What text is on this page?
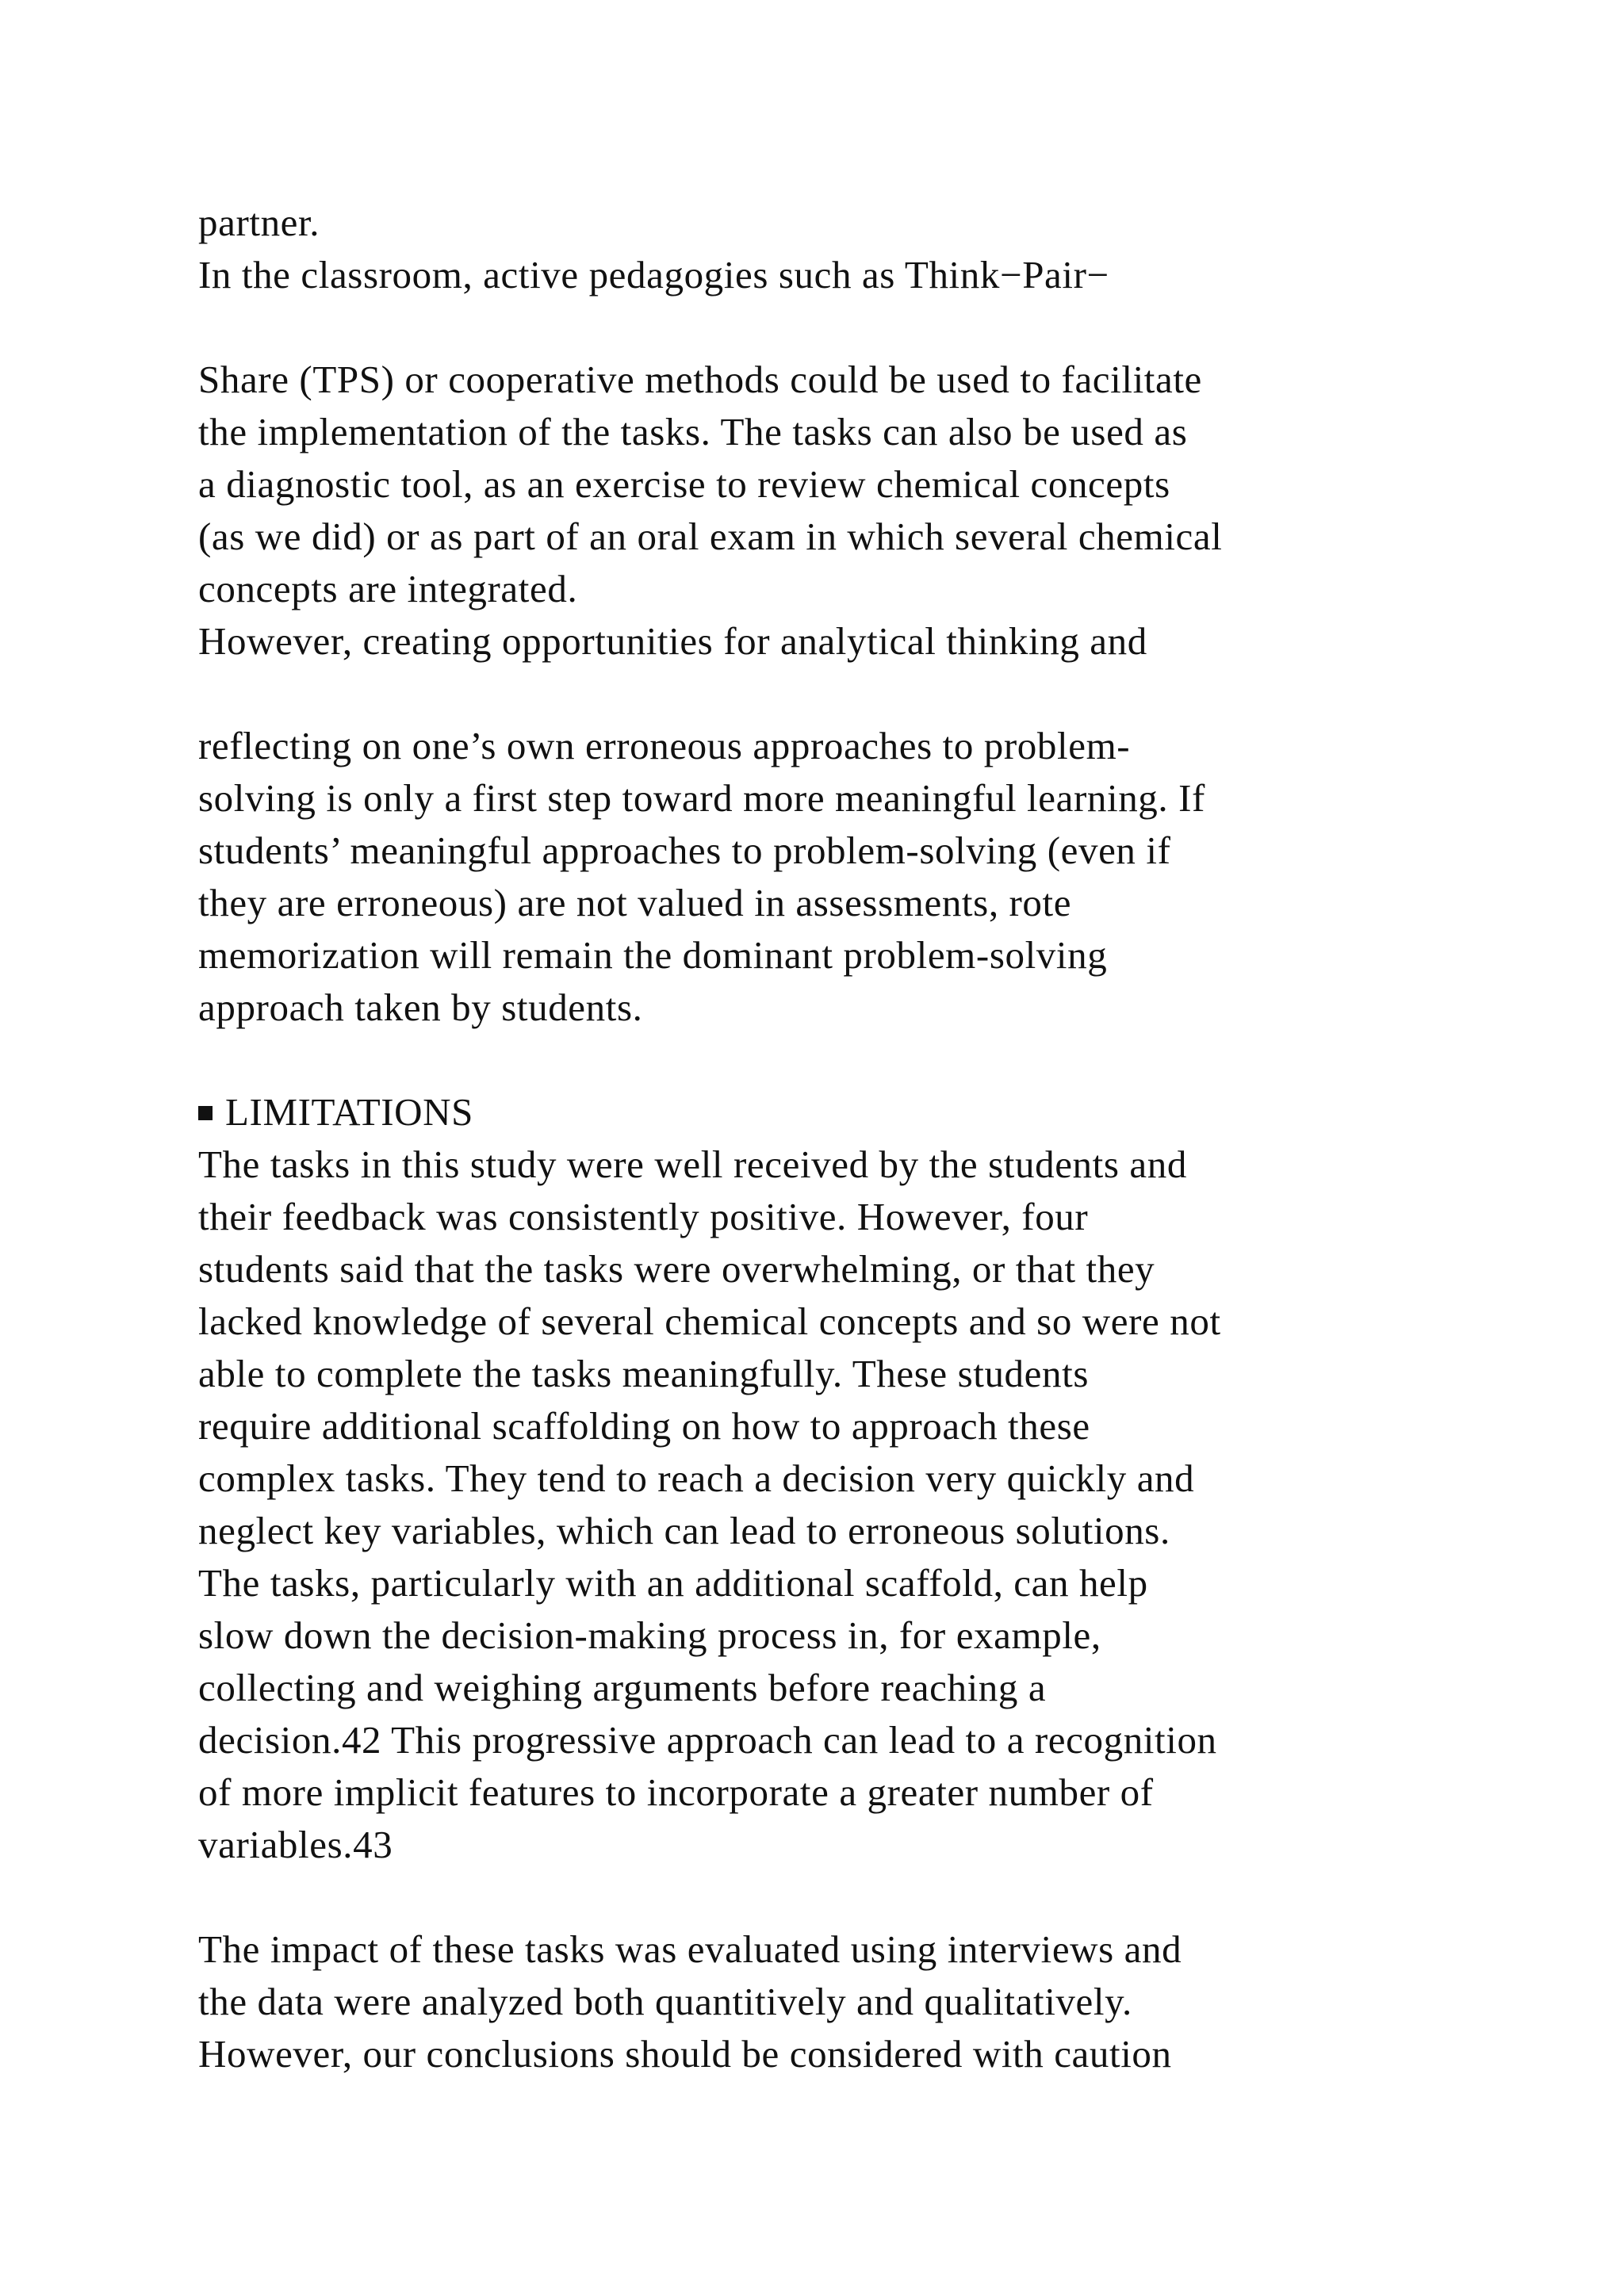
partner.
In the classroom, active pedagogies such as Think−Pair−
Share (TPS) or cooperative methods could be used to facilitate
the implementation of the tasks. The tasks can also be used as
a diagnostic tool, as an exercise to review chemical concepts
(as we did) or as part of an oral exam in which several chemical
concepts are integrated.
However, creating opportunities for analytical thinking and
reflecting on one’s own erroneous approaches to problem-
solving is only a first step toward more meaningful learning. If
students’ meaningful approaches to problem-solving (even if
they are erroneous) are not valued in assessments, rote
memorization will remain the dominant problem-solving
approach taken by students.
LIMITATIONS
The tasks in this study were well received by the students and
their feedback was consistently positive. However, four
students said that the tasks were overwhelming, or that they
lacked knowledge of several chemical concepts and so were not
able to complete the tasks meaningfully. These students
require additional scaffolding on how to approach these
complex tasks. They tend to reach a decision very quickly and
neglect key variables, which can lead to erroneous solutions.
The tasks, particularly with an additional scaffold, can help
slow down the decision-making process in, for example,
collecting and weighing arguments before reaching a
decision.42 This progressive approach can lead to a recognition
of more implicit features to incorporate a greater number of
variables.43
The impact of these tasks was evaluated using interviews and
the data were analyzed both quantitively and qualitatively.
However, our conclusions should be considered with caution
